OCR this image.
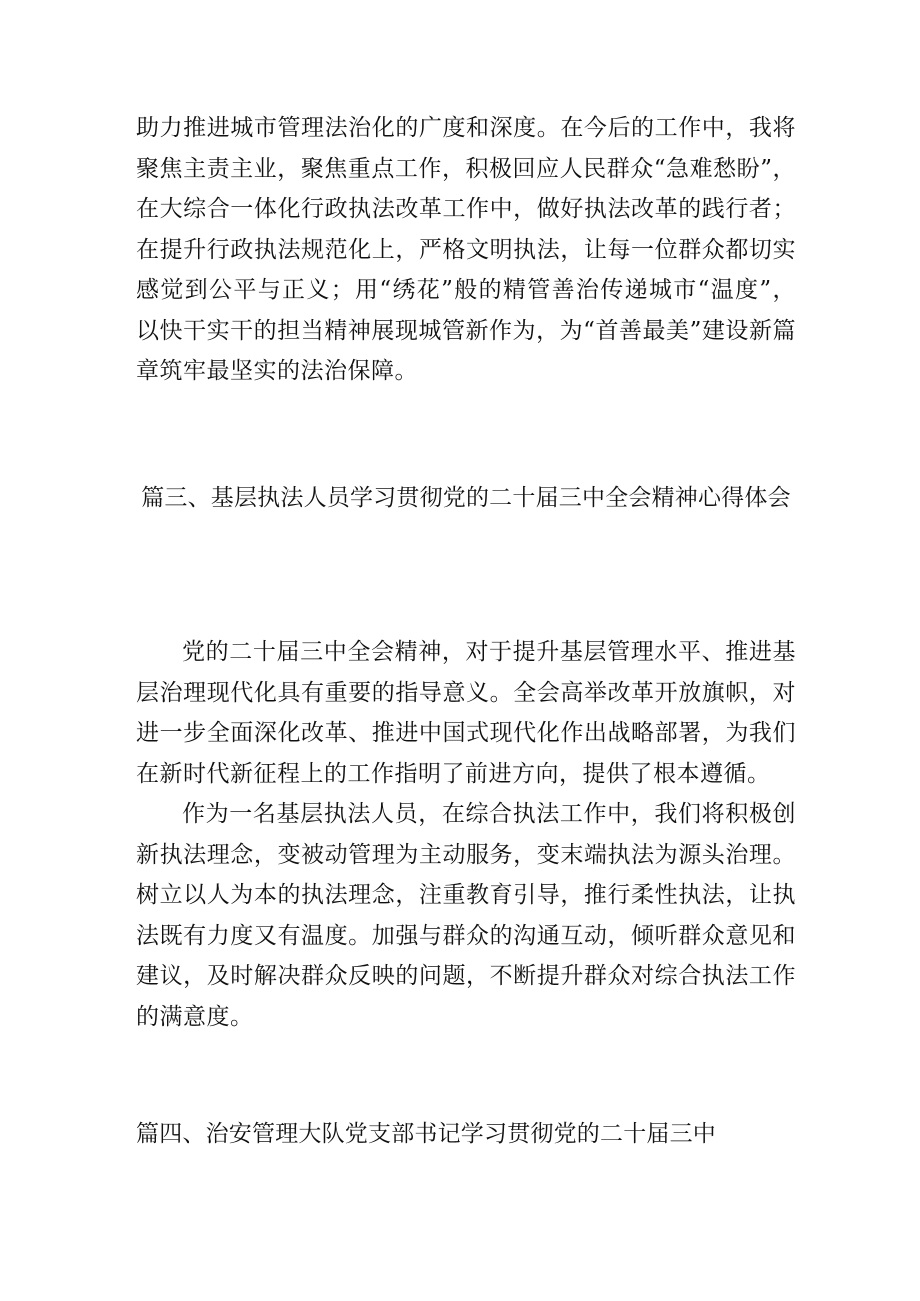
助力推进城市管理法治化的广度和深度。在今后的工作中，我将聚焦主责主业，聚焦重点工作，积极回应人民群众“急难愁盼”，在大综合一体化行政执法改革工作中，做好执法改革的践行者；在提升行政执法规范化上，严格文明执法，让每一位群众都切实感觉到公平与正义；用“绣花”般的精管善治传递城市“温度”，以快干实干的担当精神展现城管新作为，为“首善最美”建设新篇章筑牢最坚实的法治保障。

篇三、基层执法人员学习贯彻党的二十届三中全会精神心得体会

党的二十届三中全会精神，对于提升基层管理水平、推进基层治理现代化具有重要的指导意义。全会高举改革开放旗帜，对进一步全面深化改革、推进中国式现代化作出战略部署，为我们在新时代新征程上的工作指明了前进方向，提供了根本遵循。

作为一名基层执法人员，在综合执法工作中，我们将积极创新执法理念，变被动管理为主动服务，变末端执法为源头治理。树立以人为本的执法理念，注重教育引导，推行柔性执法，让执法既有力度又有温度。加强与群众的沟通互动，倾听群众意见和建议，及时解决群众反映的问题，不断提升群众对综合执法工作的满意度。

篇四、治安管理大队党支部书记学习贯彻党的二十届三中
